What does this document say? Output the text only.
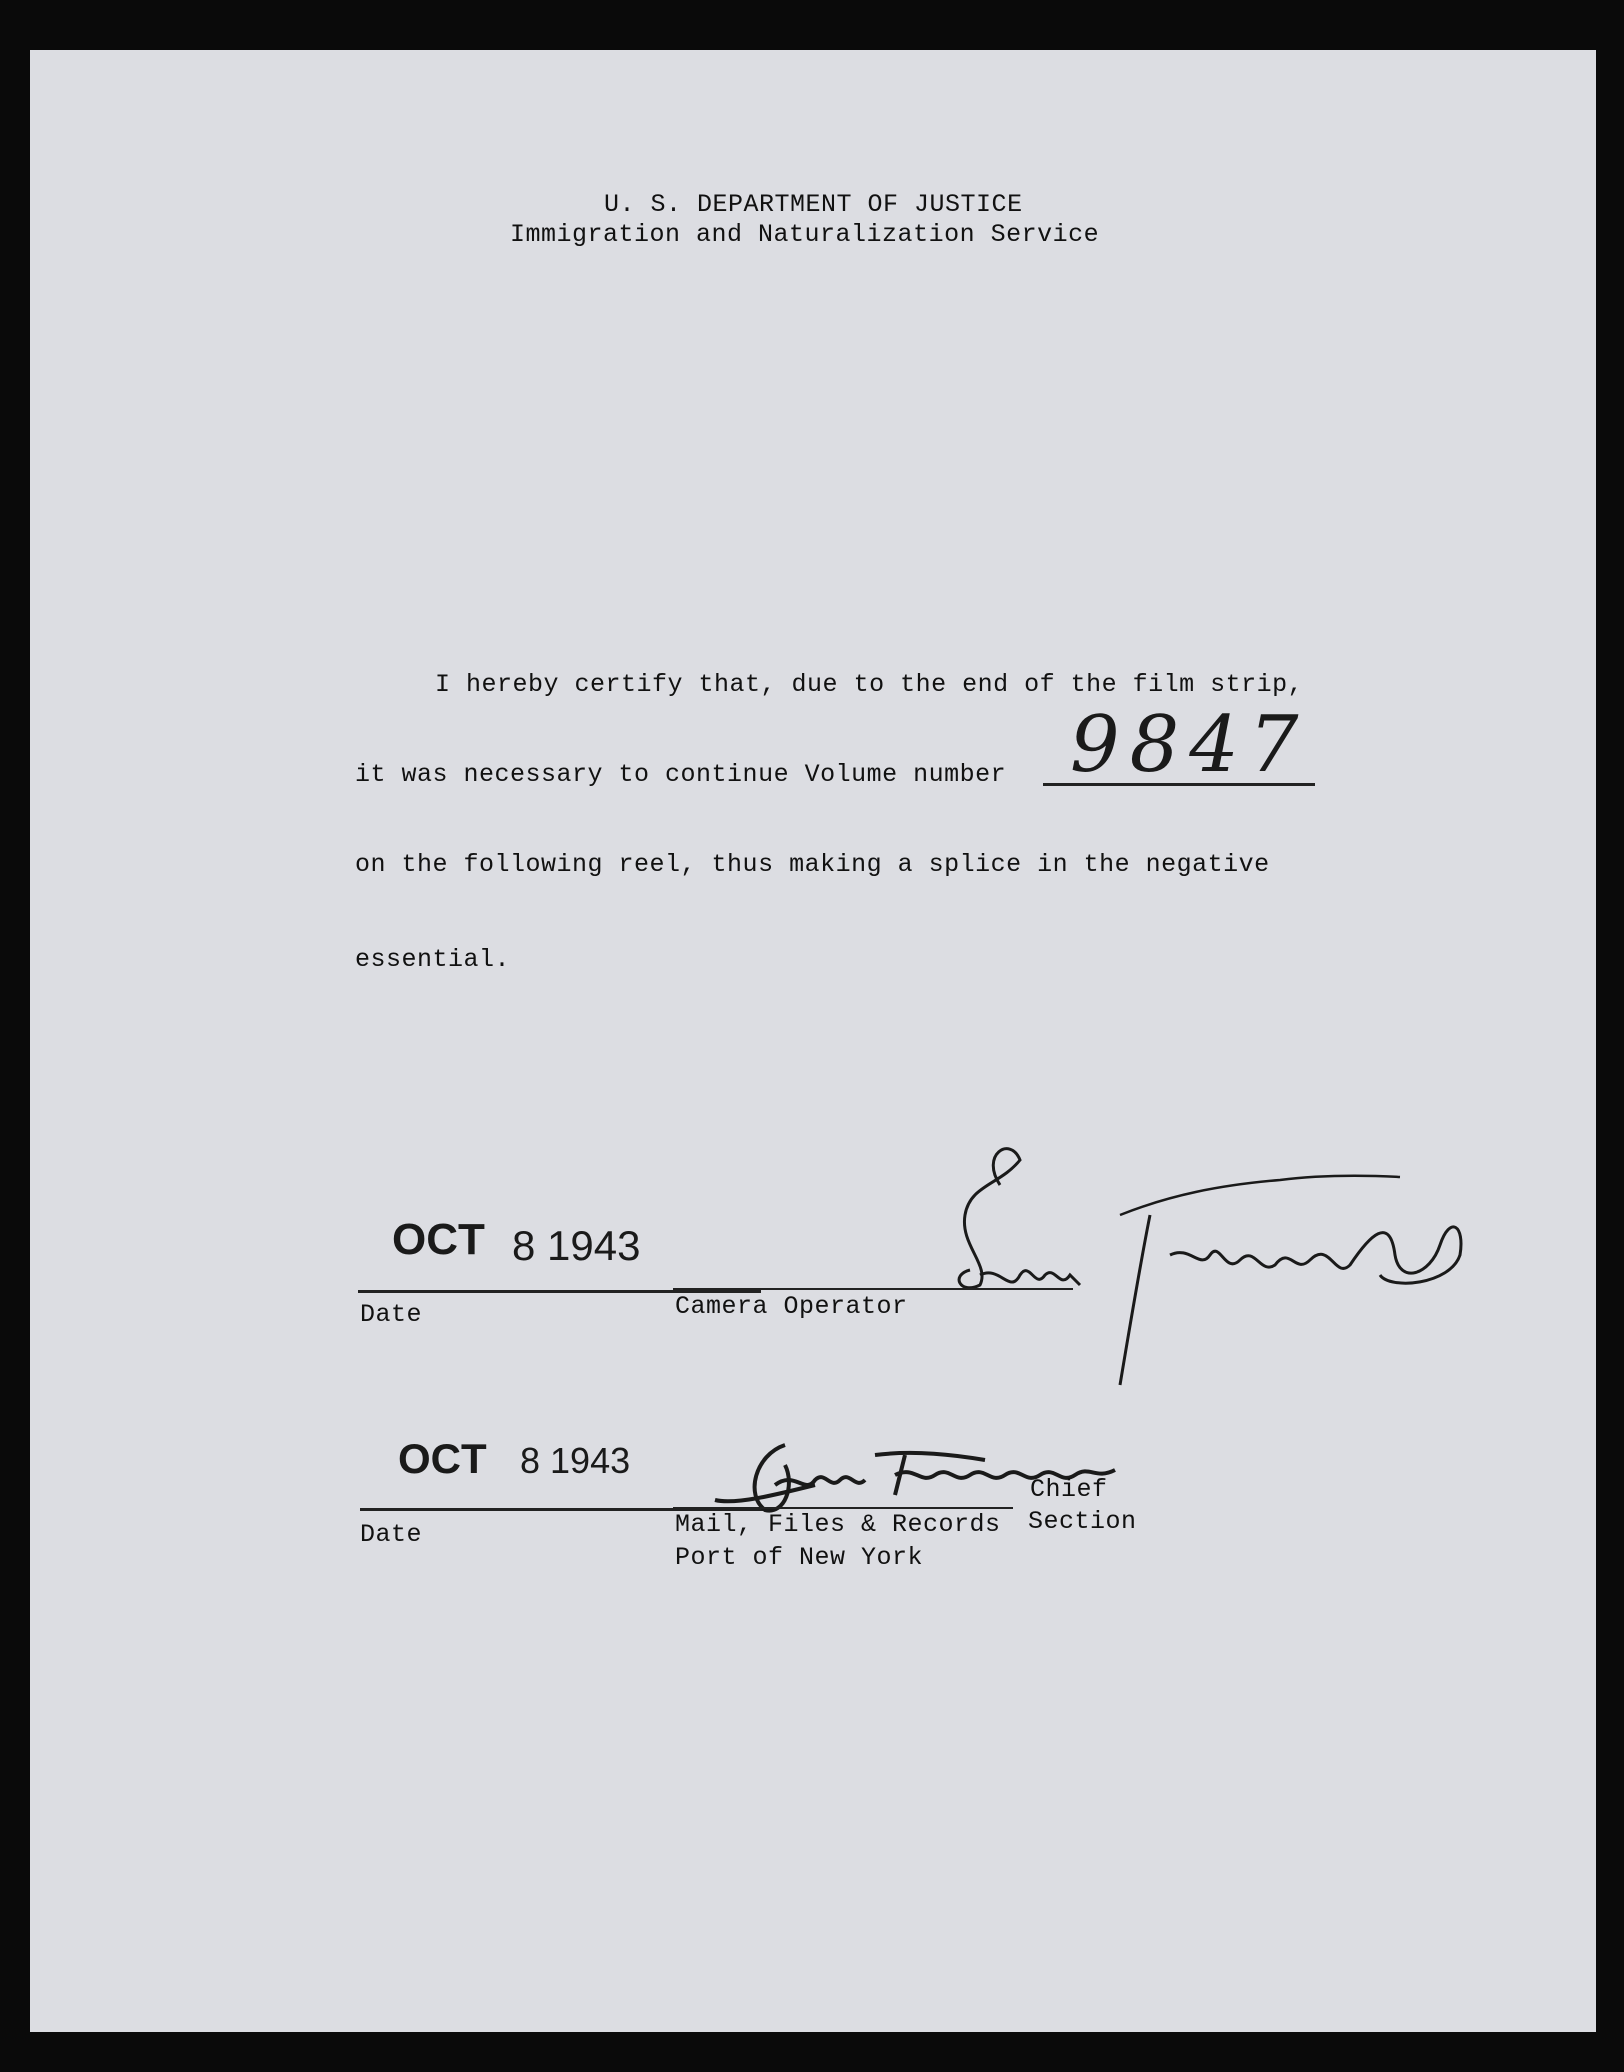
U. S. DEPARTMENT OF JUSTICE
Immigration and Naturalization Service
I hereby certify that, due to the end of the film strip,
it was necessary to continue Volume number 9847
on the following reel, thus making a splice in the negative
essential.
OCT 8 1943
Date	Camera Operator
OCT 8 1943
Date
Chief
Mail, Files & Records Section
Port of New York
